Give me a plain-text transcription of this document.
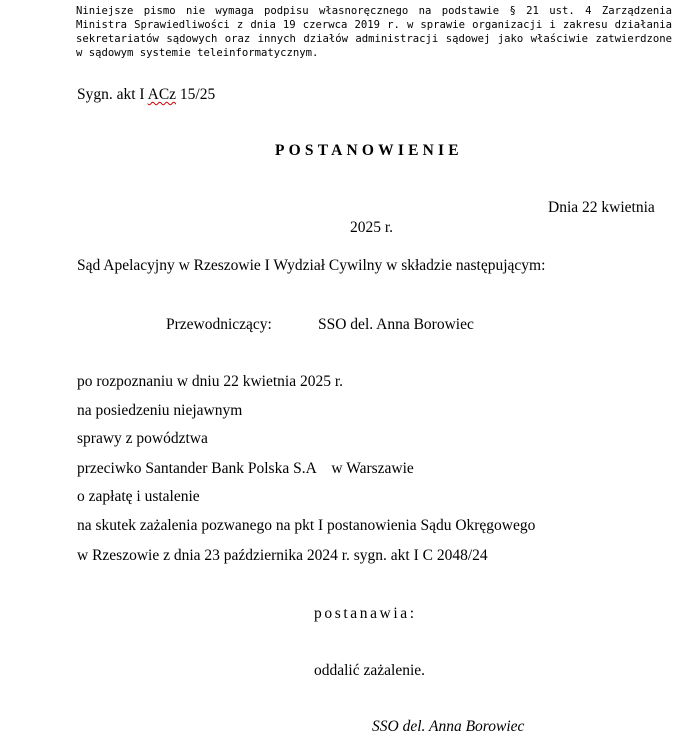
Niniejsze pismo nie wymaga podpisu własnoręcznego na podstawie § 21 ust. 4 Zarządzenia Ministra Sprawiedliwości z dnia 19 czerwca 2019 r. w sprawie organizacji i zakresu działania sekretariatów sądowych oraz innych działów administracji sądowej jako właściwie zatwierdzone w sądowym systemie teleinformatycznym.
Sygn. akt I ACz 15/25
POSTANOWIENIE
Dnia 22 kwietnia
2025 r.
Sąd Apelacyjny w Rzeszowie I Wydział Cywilny w składzie następującym:
Przewodniczący:	SSO del. Anna Borowiec
po rozpoznaniu w dniu 22 kwietnia 2025 r.
na posiedzeniu niejawnym
sprawy z powództwa
przeciwko Santander Bank Polska S.A    w Warszawie
o zapłatę i ustalenie
na skutek zażalenia pozwanego na pkt I postanowienia Sądu Okręgowego
w Rzeszowie z dnia 23 października 2024 r. sygn. akt I C 2048/24
postanawia:
oddalić zażalenie.
SSO del. Anna Borowiec
